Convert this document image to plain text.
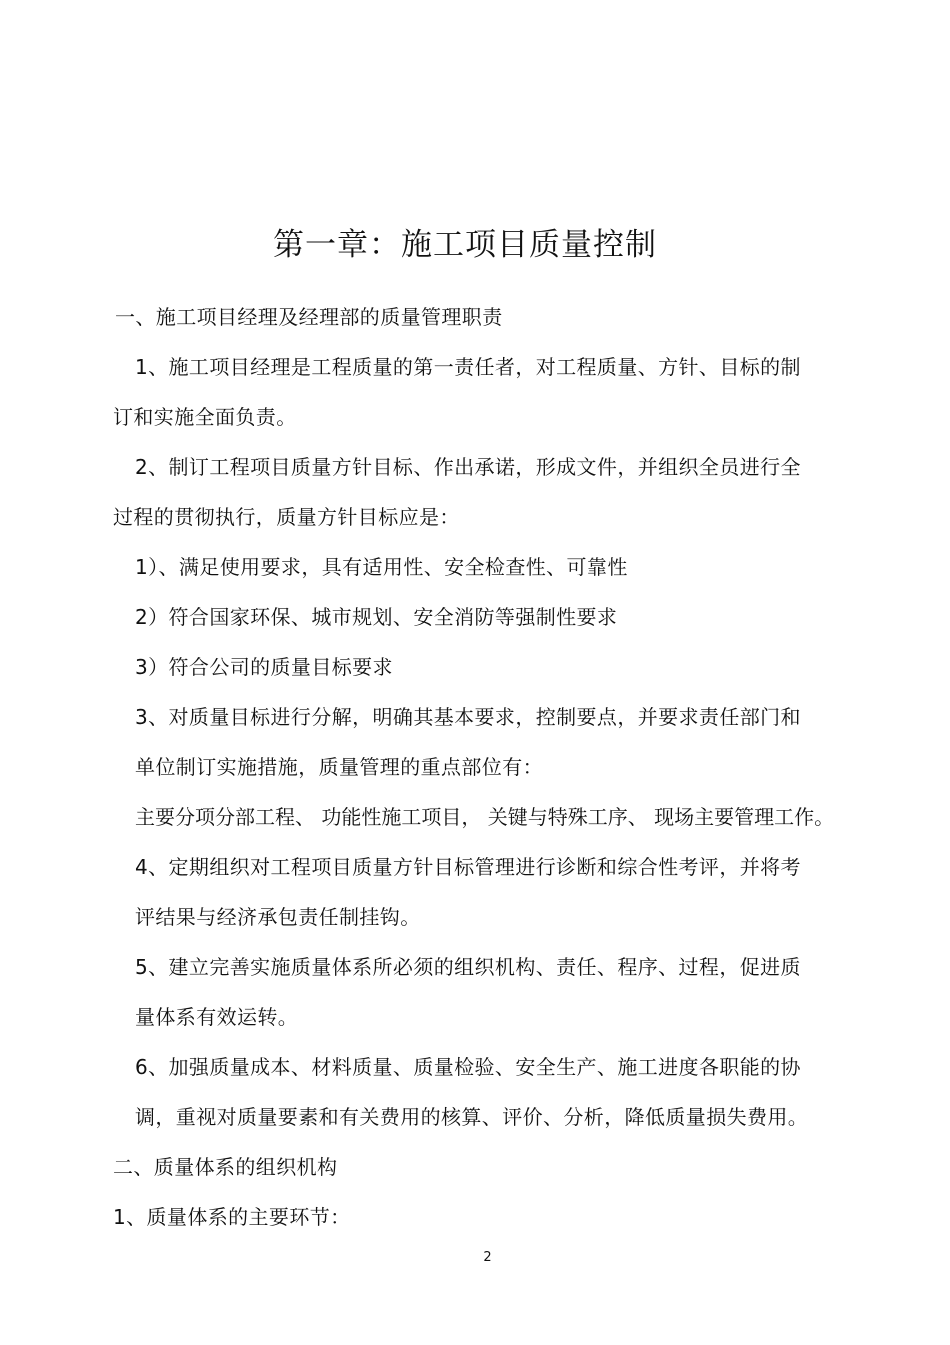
第一章：施工项目质量控制
一、施工项目经理及经理部的质量管理职责
1、施工项目经理是工程质量的第一责任者，对工程质量、方针、目标的制
订和实施全面负责。
2、制订工程项目质量方针目标、作出承诺，形成文件，并组织全员进行全
过程的贯彻执行，质量方针目标应是：
1）、满足使用要求，具有适用性、安全检查性、可靠性
2）符合国家环保、城市规划、安全消防等强制性要求
3）符合公司的质量目标要求
3、对质量目标进行分解，明确其基本要求，控制要点，并要求责任部门和
单位制订实施措施，质量管理的重点部位有：
主要分项分部工程、 功能性施工项目， 关键与特殊工序、 现场主要管理工作。
4、定期组织对工程项目质量方针目标管理进行诊断和综合性考评，并将考
评结果与经济承包责任制挂钩。
5、建立完善实施质量体系所必须的组织机构、责任、程序、过程，促进质
量体系有效运转。
6、加强质量成本、材料质量、质量检验、安全生产、施工进度各职能的协
调，重视对质量要素和有关费用的核算、评价、分析，降低质量损失费用。
二、质量体系的组织机构
1、质量体系的主要环节：
2
